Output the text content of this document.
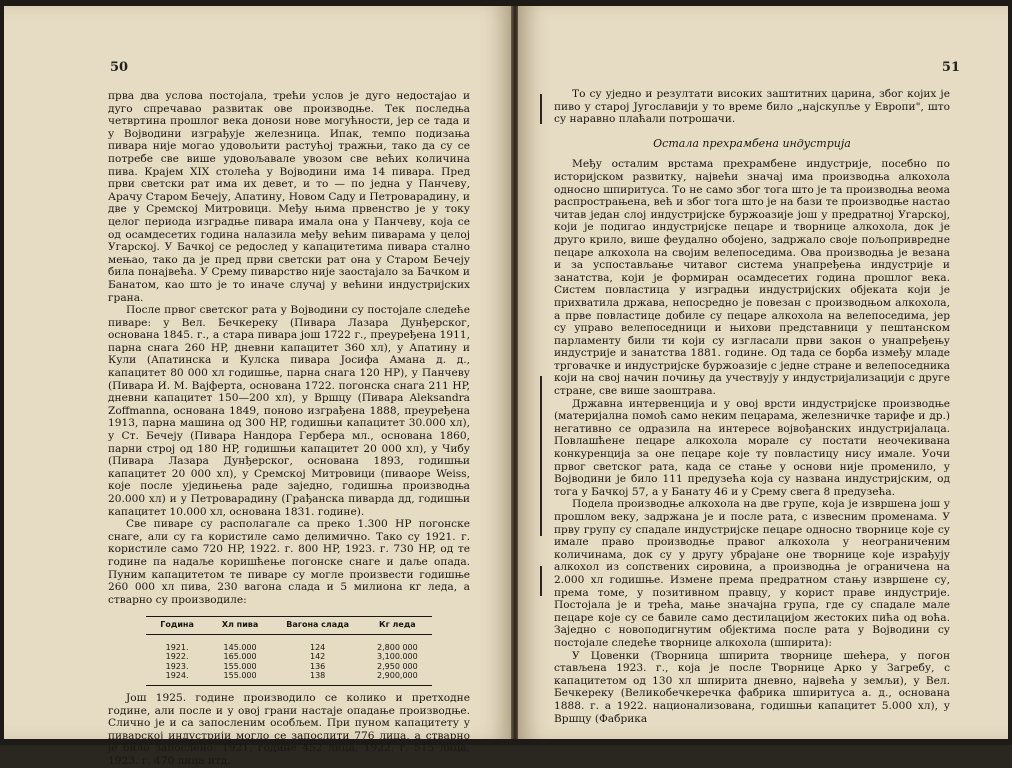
50

прва два услова постојала, трећи услов је дуго недостајао и дуго спречавао развитак ове производње. Тек последња четвртина прошлог века донosи нове могућности, јер се тада и у Војводини изграђује железница. Ипак, темпо подизања пивара није могао удовољити растућој тражњи, тако да су се потребе све више удовољавале увозом све већих количина пива. Крајем XIX столећа у Војводини има 14 пивара. Пред први светски рат има их девет, и то — по једна у Панчеву, Арачу Старом Бечеју, Апатину, Новом Саду и Петроварадину, и две у Сремској Митровици. Међу њима првенство је у току целог периода изградње пивара имала она у Панчеву, која се од осамдесетих година налазила међу већим пиварама у целој Угарској. У Бачкој се редослед у капацитетима пивара стално мењао, тако да је пред први светски рат она у Старом Бечеју била понајвећа. У Срему пиварство није заостајало за Бачком и Банатом, као што је то иначе случај у већини индустријских грана.

После првог светског рата у Војводини су постојале следеће пиваре: у Вел. Бечкереку (Пивара Лазара Дунђерског, основана 1845. г., а стара пивара још 1722 г., преуређена 1911, парна снага 260 HP, дневни капацитет 360 хл), у Апатину и Кули (Апатинска и Кулска пивара Јосифа Амана д. д., капацитет 80 000 хл годишње, парна снага 120 HP), у Панчеву (Пивара И. М. Вајферта, основана 1722. погонска снага 211 HP, дневни капацитет 150—200 хл), у Вршцу (Пивара Aleksandra Zoffmanna, основана 1849, поново изграђена 1888, преуређена 1913, парна машина од 300 HP, годишњи капацитет 30.000 хл), у Ст. Бечеју (Пивара Нандора Гербера мл., основана 1860, парни строј од 180 HP, годишњи капацитет 20 000 хл), у Чибу (Пивара Лазара Дунђерског, основана 1893, годишњи капацитет 20 000 хл), у Сремској Митровици (пиваоре Weiss, које после уједињења раде заједно, годишња производња 20.000 хл) и у Петроварадину (Грађанска пиварда дд, годишњи капацитет 10.000 хл, основана 1831. године).

Све пиваре су располагале са преко 1.300 HP погонске снаге, али су га користиле само делимично. Тако су 1921. г. користиле само 720 HP, 1922. г. 800 HP, 1923. г. 730 HP, од те године па надаље коришћење погонске снаге и даље опада. Пуним капацитетом те пиваре су могле произвести годишње 260 000 хл пива, 230 вагона слада и 5 милиона кг леда, а стварно су производиле:

Година	Хл пива	Вагона слада	Кг леда
1921.	145.000	124	2,800 000
1922.	165.000	142	3,100.000
1923.	155.000	136	2,950 000
1924.	155.000	138	2,900,000

Још 1925. године производило се колико и претходне године, али после и у овој грани настаје опадање производње. Слично је и са запосленим особљем. При пуном капацитету у пиварској индустрији могло се запослити 776 лица, а стварно је било запослено: 1921. године 452 лица, 1922. г. 515 лица, 1923. г. 470 лица итд.

51

То су уједно и резултати високих заштитних царина, због којих је пиво у старој Југославији у то време било „најскупље у Европи", што су наравно плаћали потрошачи.

Остала прехрамбена индустрија

Међу осталим врстама прехрамбене индустрије, посебно по историјском развитку, највећи значај има производња алкохола односно шпиритуса. То не само због тога што је та производња веома распрострањена, већ и због тога што је на бази те производње настао читав један слој индустријске буржоазије још у предратној Угарској, који је подигао индустријске пецаре и творнице алкохола, док је друго крило, више феудално обојено, задржало своје пољопривредне пецаре алкохола на својим велепоседима. Ова производња је везана и за успостављање читавог система унапређења индустрије и занатства, који је формиран осамдесетих година прошлог века. Систем повластица у изградњи индустријских објеката који је прихватила држава, непосредно је повезан с производњом алкохола, а прве повластице добиле су пецаре алкохола на велепоседима, јер су управо велепоседници и њихови представници у пештанском парламенту били ти који су изгласали први закон о унапређењу индустрије и занатства 1881. године. Од тада се борба између младе трговачке и индустријске буржоазије с једне стране и велепоседника који на свој начин почињу да учествују у индустријализацији с друге стране, све више заоштрава.

Државна интервенција и у овој врсти индустријске производње (материјална помоћ само неким пецарама, железничке тарифе и др.) негативно се одразила на интересе војвођанских индустријалаца. Повлашћене пецаре алкохола морале су постати неочекивана конкуренција за оне пецаре које ту повластицу нису имале. Уочи првог светског рата, када се стање у основи није променило, у Војводини је било 111 предузећа која су названа индустријским, од тога у Бачкој 57, а у Банату 46 и у Срему свега 8 предузећа.

Подела производње алкохола на две групе, која је извршена још у прошлом веку, задржана је и после рата, с извесним променама. У прву групу су спадале индустријске пецаре односно творнице које су имале право производње правог алкохола у неограниченим количинама, док су у другу убрајане оне творнице које израђују алкохол из сопствених сировина, а производња је ограничена на 2.000 хл годишње. Измене према предратном стању извршене су, према томе, у позитивном правцу, у корист праве индустрије. Постојала је и трећа, мање значајна група, где су спадале мале пецаре које су се бавиле само дестилацијом жестоких пића од воћа. Заједно с новоподигнутим објектима после рата у Војводини су постојале следеће творнице алкохола (шпирита):

У Цовенки (Творница шпирита творнице шећера, у погон стављена 1923. г., која је после Творнице Арко у Загребу, с капацитетом од 130 хл шпирита дневно, највећа у земљи), у Вел. Бечкереку (Великобечкеречка фабрика шпиритуса а. д., основана 1888. г. а 1922. национализована, годишњи капацитет 5.000 хл), у Вршцу (Фабрика
